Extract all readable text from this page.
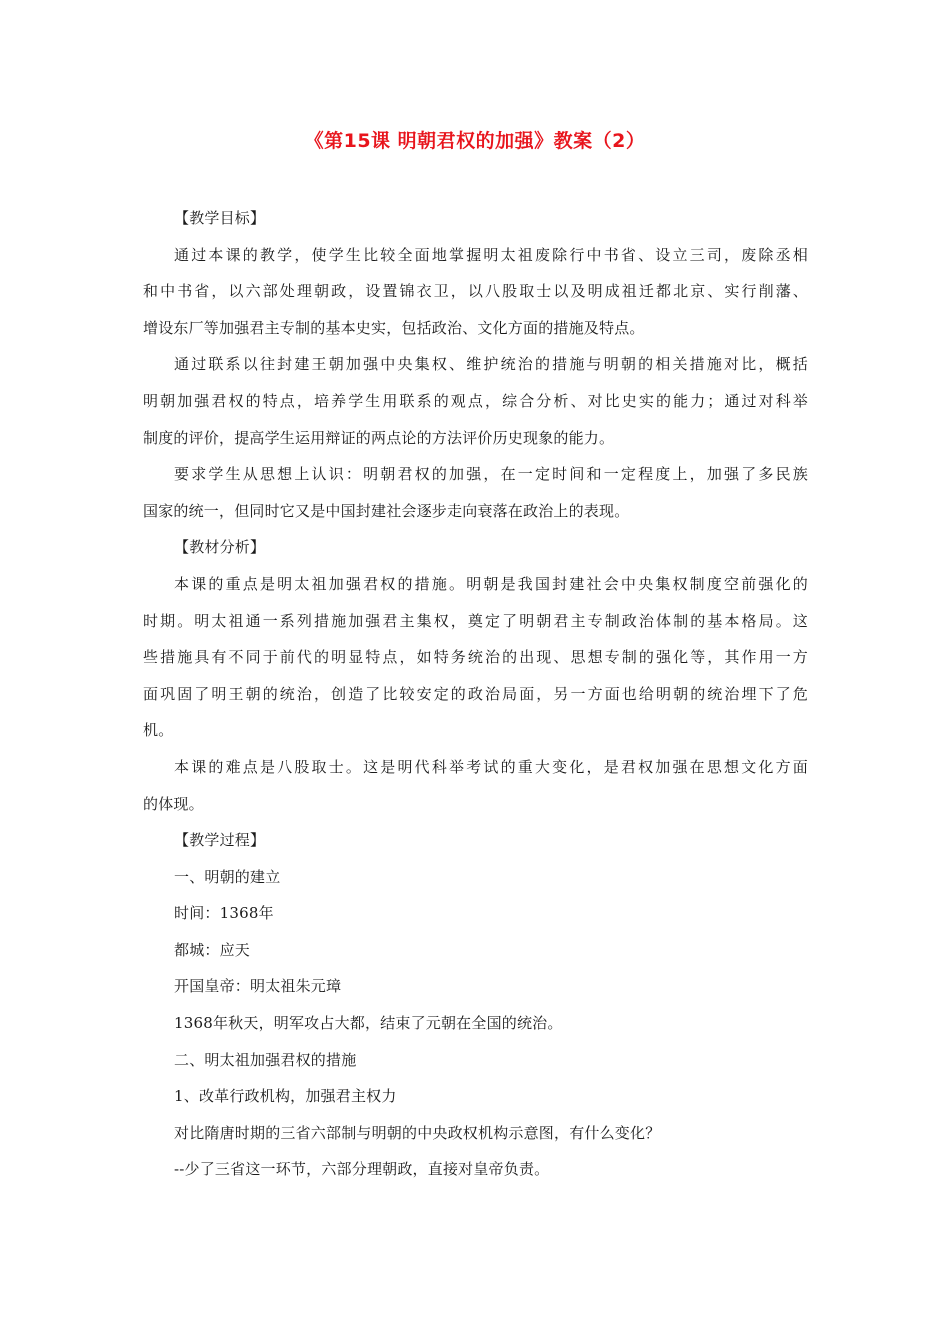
《第15课 明朝君权的加强》教案（2）
【教学目标】
通过本课的教学，使学生比较全面地掌握明太祖废除行中书省、设立三司，废除丞相
和中书省，以六部处理朝政，设置锦衣卫，以八股取士以及明成祖迁都北京、实行削藩、
增设东厂等加强君主专制的基本史实，包括政治、文化方面的措施及特点。
通过联系以往封建王朝加强中央集权、维护统治的措施与明朝的相关措施对比，概括
明朝加强君权的特点，培养学生用联系的观点，综合分析、对比史实的能力；通过对科举
制度的评价，提高学生运用辩证的两点论的方法评价历史现象的能力。
要求学生从思想上认识：明朝君权的加强，在一定时间和一定程度上，加强了多民族
国家的统一，但同时它又是中国封建社会逐步走向衰落在政治上的表现。
【教材分析】
本课的重点是明太祖加强君权的措施。明朝是我国封建社会中央集权制度空前强化的
时期。明太祖通一系列措施加强君主集权，奠定了明朝君主专制政治体制的基本格局。这
些措施具有不同于前代的明显特点，如特务统治的出现、思想专制的强化等，其作用一方
面巩固了明王朝的统治，创造了比较安定的政治局面，另一方面也给明朝的统治埋下了危
机。
本课的难点是八股取士。这是明代科举考试的重大变化，是君权加强在思想文化方面
的体现。
【教学过程】
一、明朝的建立
时间：1368年
都城：应天
开国皇帝：明太祖朱元璋
1368年秋天，明军攻占大都，结束了元朝在全国的统治。
二、明太祖加强君权的措施
1、改革行政机构，加强君主权力
对比隋唐时期的三省六部制与明朝的中央政权机构示意图，有什么变化？
--少了三省这一环节，六部分理朝政，直接对皇帝负责。
